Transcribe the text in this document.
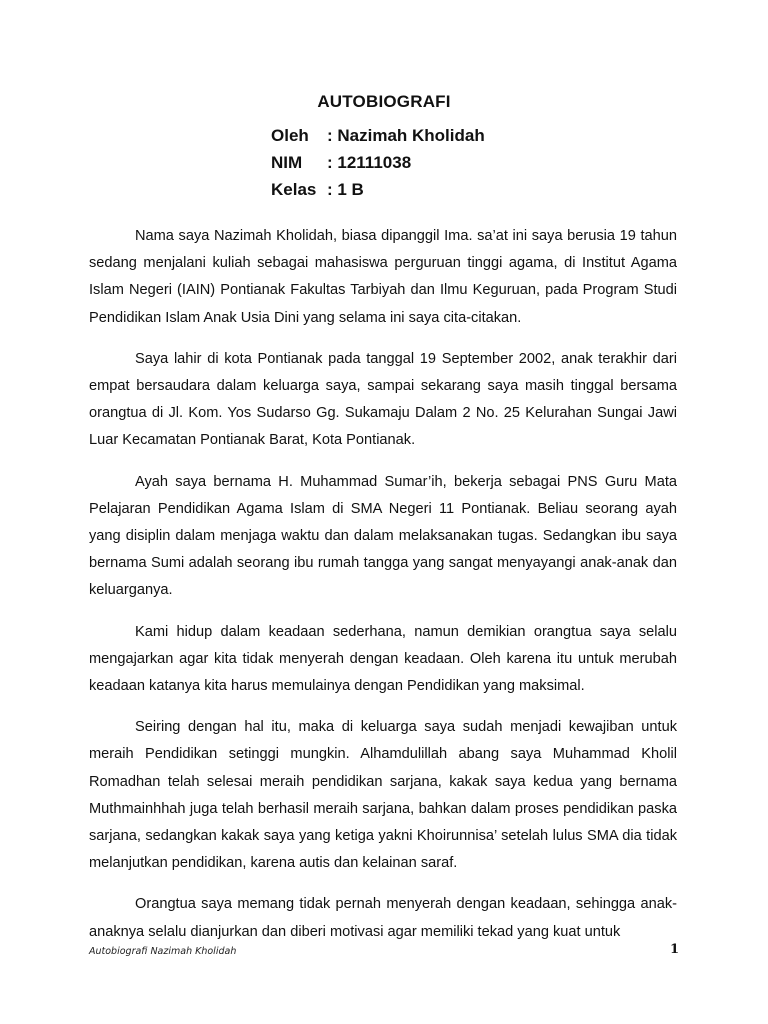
AUTOBIOGRAFI
Oleh	: Nazimah Kholidah
NIM	: 12111038
Kelas : 1 B

Nama saya Nazimah Kholidah, biasa dipanggil Ima. sa’at ini saya berusia 19 tahun sedang menjalani kuliah sebagai mahasiswa perguruan tinggi agama, di Institut Agama Islam Negeri (IAIN) Pontianak Fakultas Tarbiyah dan Ilmu Keguruan, pada Program Studi Pendidikan Islam Anak Usia Dini yang selama ini saya cita-citakan.

Saya lahir di kota Pontianak pada tanggal 19 September 2002, anak terakhir dari empat bersaudara dalam keluarga saya, sampai sekarang saya masih tinggal bersama orangtua di Jl. Kom. Yos Sudarso Gg. Sukamaju Dalam 2 No. 25 Kelurahan Sungai Jawi Luar Kecamatan Pontianak Barat, Kota Pontianak.

Ayah saya bernama H. Muhammad Sumar’ih, bekerja sebagai PNS Guru Mata Pelajaran Pendidikan Agama Islam di SMA Negeri 11 Pontianak. Beliau seorang ayah yang disiplin dalam menjaga waktu dan dalam melaksanakan tugas. Sedangkan ibu saya bernama Sumi adalah seorang ibu rumah tangga yang sangat menyayangi anak-anak dan keluarganya.

Kami hidup dalam keadaan sederhana, namun demikian orangtua saya selalu mengajarkan agar kita tidak menyerah dengan keadaan. Oleh karena itu untuk merubah keadaan katanya kita harus memulainya dengan Pendidikan yang maksimal.

Seiring dengan hal itu, maka di keluarga saya sudah menjadi kewajiban untuk meraih Pendidikan setinggi mungkin. Alhamdulillah abang saya Muhammad Kholil Romadhan telah selesai meraih pendidikan sarjana, kakak saya kedua yang bernama Muthmainhhah juga telah berhasil meraih sarjana, bahkan dalam proses pendidikan paska sarjana, sedangkan kakak saya yang ketiga yakni Khoirunnisa’ setelah lulus SMA dia tidak melanjutkan pendidikan, karena autis dan kelainan saraf.

Orangtua saya memang tidak pernah menyerah dengan keadaan, sehingga anak-anaknya selalu dianjurkan dan diberi motivasi agar memiliki tekad yang kuat untuk

Autobiografi Nazimah Kholidah	1
